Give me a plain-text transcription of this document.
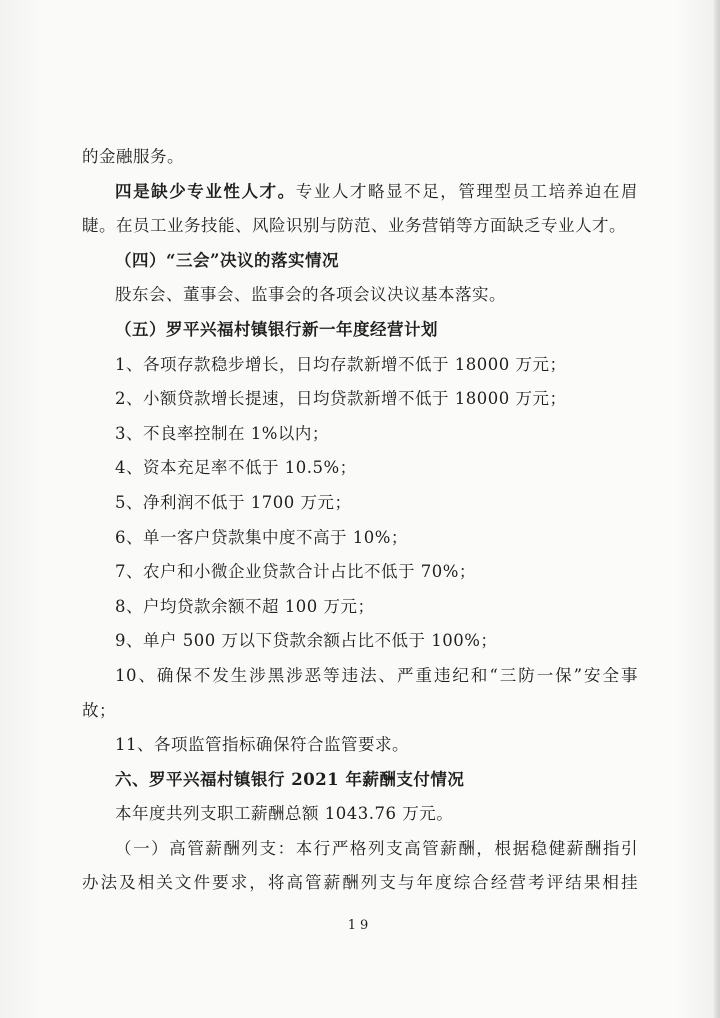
的金融服务。
四是缺少专业性人才。专业人才略显不足，管理型员工培养迫在眉
睫。在员工业务技能、风险识别与防范、业务营销等方面缺乏专业人才。
（四）“三会”决议的落实情况
股东会、董事会、监事会的各项会议决议基本落实。
（五）罗平兴福村镇银行新一年度经营计划
1、各项存款稳步增长，日均存款新增不低于 18000 万元；
2、小额贷款增长提速，日均贷款新增不低于 18000 万元；
3、不良率控制在 1%以内；
4、资本充足率不低于 10.5%；
5、净利润不低于 1700 万元；
6、单一客户贷款集中度不高于 10%；
7、农户和小微企业贷款合计占比不低于 70%；
8、户均贷款余额不超 100 万元；
9、单户 500 万以下贷款余额占比不低于 100%；
10、确保不发生涉黑涉恶等违法、严重违纪和“三防一保”安全事
故；
11、各项监管指标确保符合监管要求。
六、罗平兴福村镇银行 2021 年薪酬支付情况
本年度共列支职工薪酬总额 1043.76 万元。
（一）高管薪酬列支：本行严格列支高管薪酬，根据稳健薪酬指引
办法及相关文件要求，将高管薪酬列支与年度综合经营考评结果相挂
19
